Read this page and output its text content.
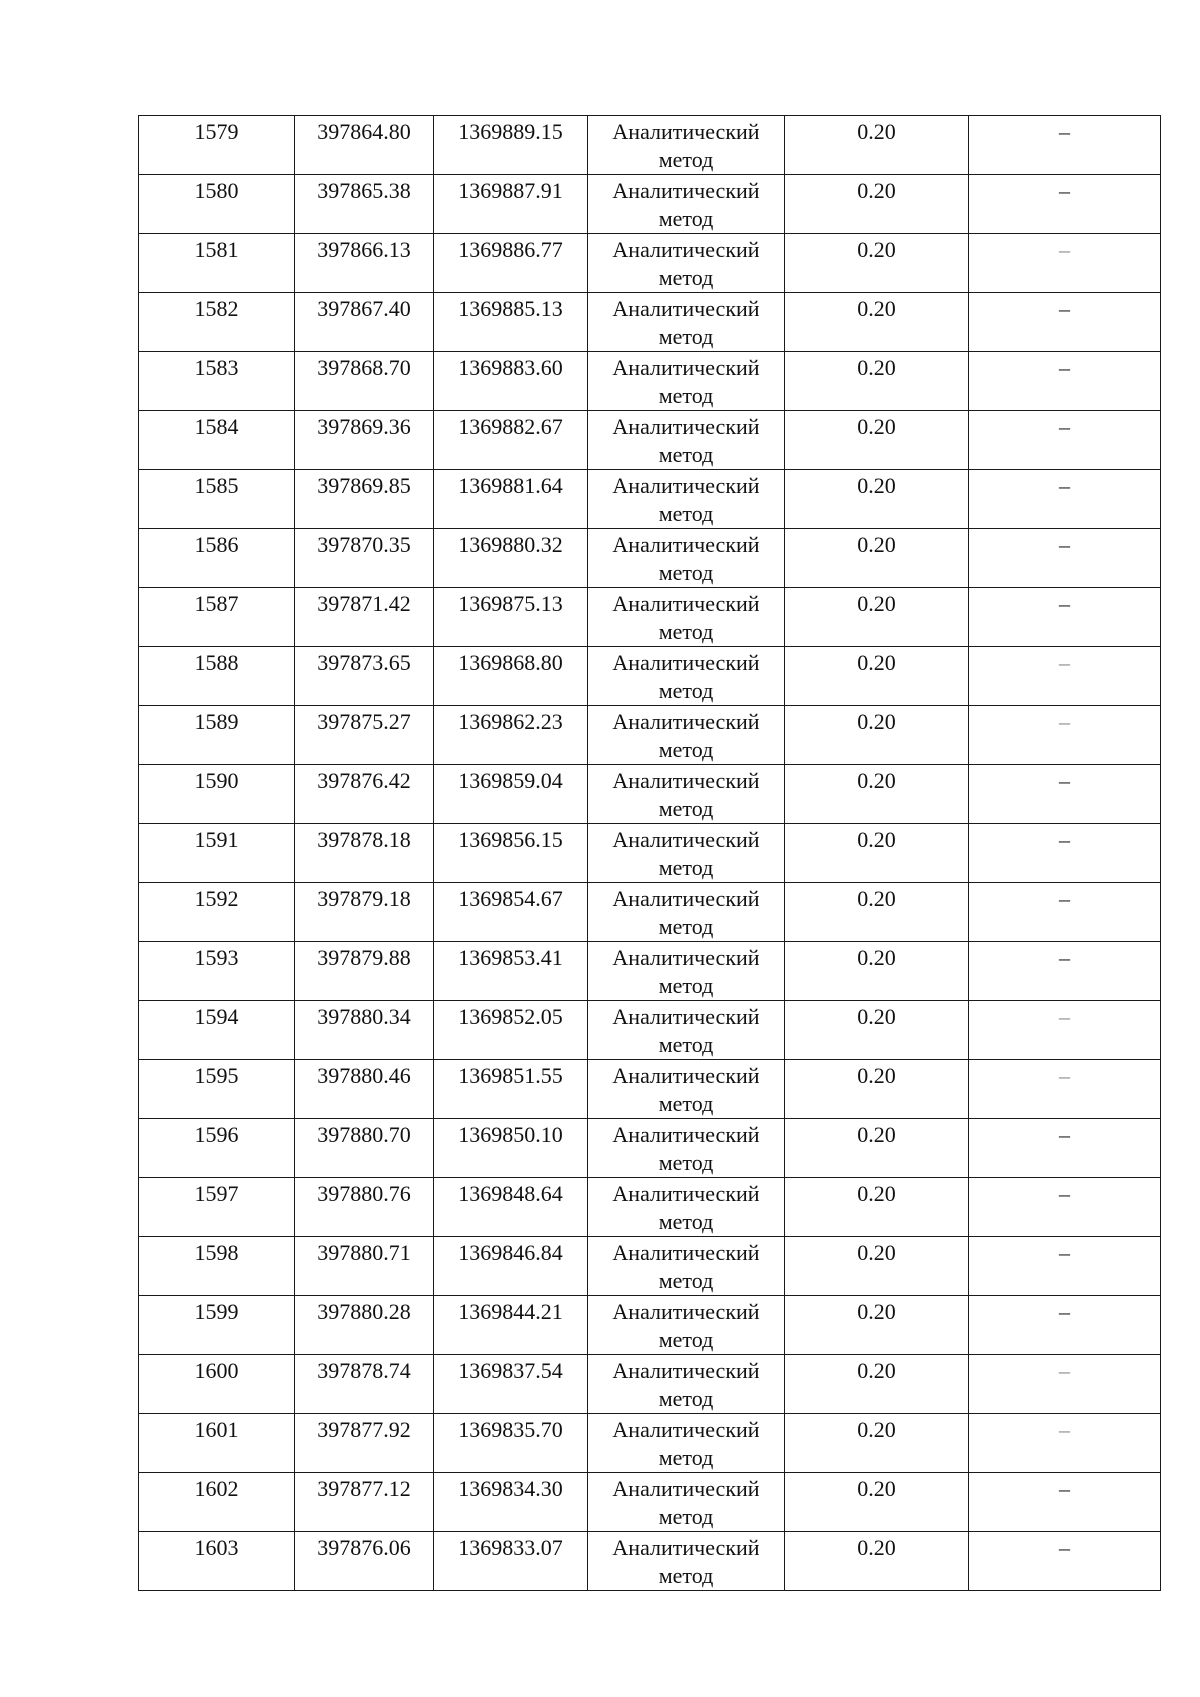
1579	397864.80	1369889.15	Аналитический
метод	0.20	–

1580	397865.38	1369887.91	Аналитический
метод	0.20	–

1581	397866.13	1369886.77	Аналитический
метод	0.20	–

1582	397867.40	1369885.13	Аналитический
метод	0.20	–

1583	397868.70	1369883.60	Аналитический
метод	0.20	–

1584	397869.36	1369882.67	Аналитический
метод	0.20	–

1585	397869.85	1369881.64	Аналитический
метод	0.20	–

1586	397870.35	1369880.32	Аналитический
метод	0.20	–

1587	397871.42	1369875.13	Аналитический
метод	0.20	–

1588	397873.65	1369868.80	Аналитический
метод	0.20	–

1589	397875.27	1369862.23	Аналитический
метод	0.20	–

1590	397876.42	1369859.04	Аналитический
метод	0.20	–

1591	397878.18	1369856.15	Аналитический
метод	0.20	–

1592	397879.18	1369854.67	Аналитический
метод	0.20	–

1593	397879.88	1369853.41	Аналитический
метод	0.20	–

1594	397880.34	1369852.05	Аналитический
метод	0.20	–

1595	397880.46	1369851.55	Аналитический
метод	0.20	–

1596	397880.70	1369850.10	Аналитический
метод	0.20	–

1597	397880.76	1369848.64	Аналитический
метод	0.20	–

1598	397880.71	1369846.84	Аналитический
метод	0.20	–

1599	397880.28	1369844.21	Аналитический
метод	0.20	–

1600	397878.74	1369837.54	Аналитический
метод	0.20	–

1601	397877.92	1369835.70	Аналитический
метод	0.20	–

1602	397877.12	1369834.30	Аналитический
метод	0.20	–

1603	397876.06	1369833.07	Аналитический
метод	0.20	–
